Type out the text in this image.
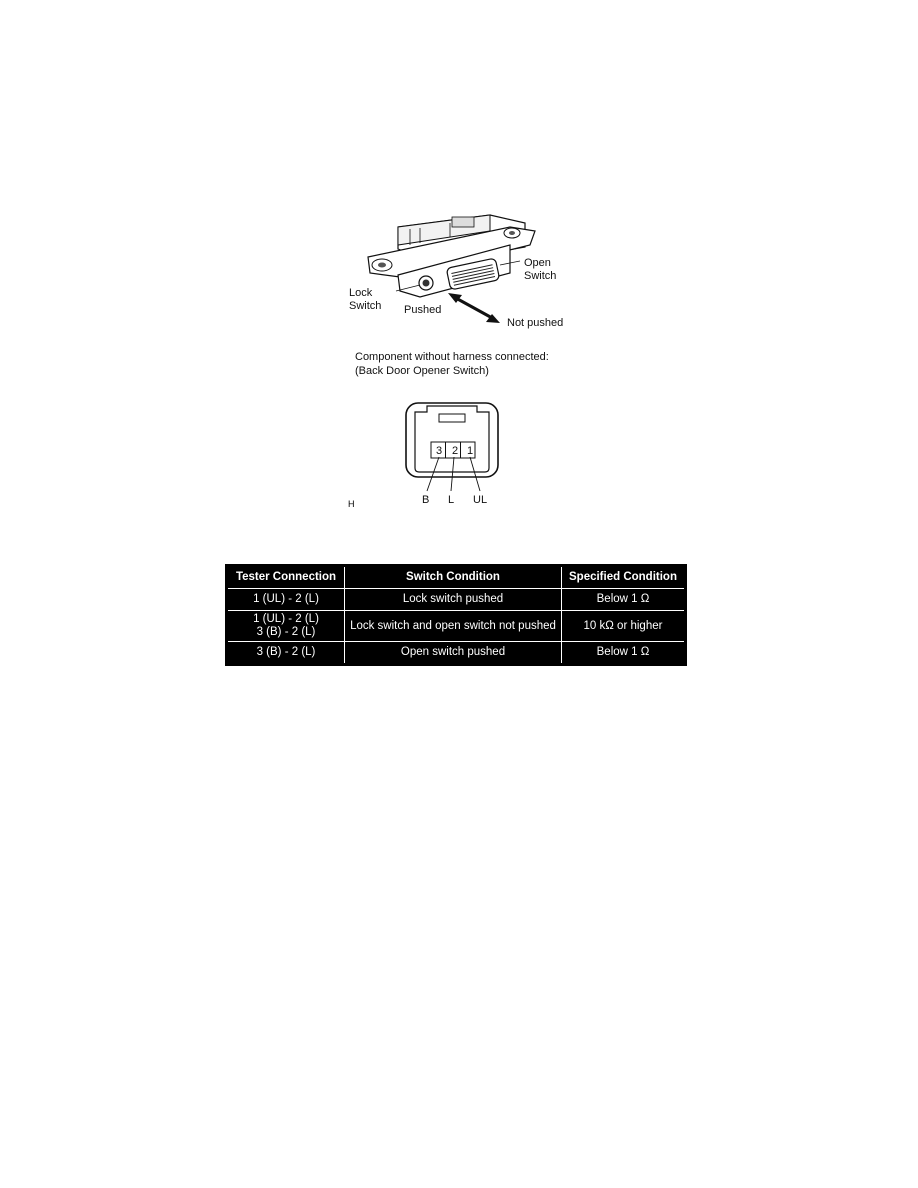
Open
Switch
Lock
Switch Pushed
Not pushed
Component without harness connected:
(Back Door Opener Switch)
3 2 1
B L UL
H
Tester Connection	Switch Condition	Specified Condition
1 (UL) - 2 (L)	Lock switch pushed	Below 1 Ω

1 (UL) - 2 (L)
3 (B) - 2 (L)	Lock switch and open switch not pushed	10 kΩ or higher
3 (B) - 2 (L)	Open switch pushed	Below 1 Ω
